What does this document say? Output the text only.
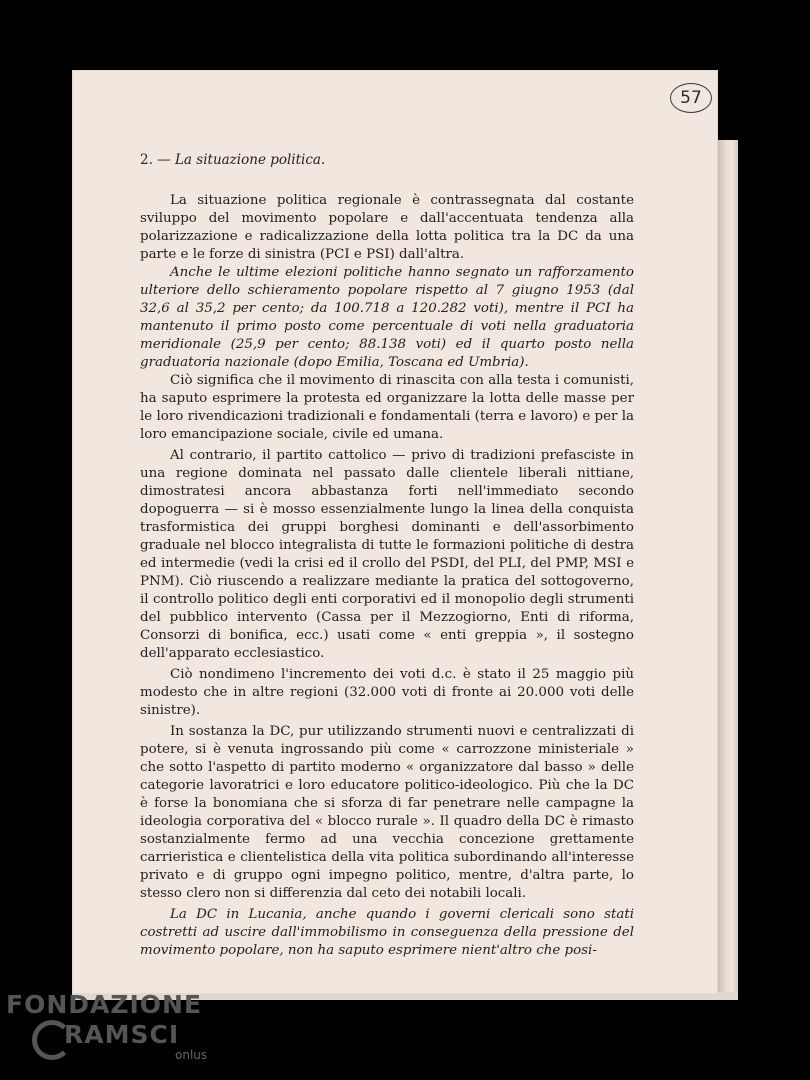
57
2. — La situazione politica.

La situazione politica regionale è contrassegnata dal costante sviluppo del movimento popolare e dall'accentuata tendenza alla polarizzazione e radicalizzazione della lotta politica tra la DC da una parte e le forze di sinistra (PCI e PSI) dall'altra.

Anche le ultime elezioni politiche hanno segnato un rafforzamento ulteriore dello schieramento popolare rispetto al 7 giugno 1953 (dal 32,6 al 35,2 per cento; da 100.718 a 120.282 voti), mentre il PCI ha mantenuto il primo posto come percentuale di voti nella graduatoria meridionale (25,9 per cento; 88.138 voti) ed il quarto posto nella graduatoria nazionale (dopo Emilia, Toscana ed Umbria).

Ciò significa che il movimento di rinascita con alla testa i comunisti, ha saputo esprimere la protesta ed organizzare la lotta delle masse per le loro rivendicazioni tradizionali e fondamentali (terra e lavoro) e per la loro emancipazione sociale, civile ed umana.

Al contrario, il partito cattolico — privo di tradizioni prefasciste in una regione dominata nel passato dalle clientele liberali nittiane, dimostratesi ancora abbastanza forti nell'immediato secondo dopoguerra — si è mosso essenzialmente lungo la linea della conquista trasformistica dei gruppi borghesi dominanti e dell'assorbimento graduale nel blocco integralista di tutte le formazioni politiche di destra ed intermedie (vedi la crisi ed il crollo del PSDI, del PLI, del PMP, MSI e PNM). Ciò riuscendo a realizzare mediante la pratica del sottogoverno, il controllo politico degli enti corporativi ed il monopolio degli strumenti del pubblico intervento (Cassa per il Mezzogiorno, Enti di riforma, Consorzi di bonifica, ecc.) usati come « enti greppia », il sostegno dell'apparato ecclesiastico.

Ciò nondimeno l'incremento dei voti d.c. è stato il 25 maggio più modesto che in altre regioni (32.000 voti di fronte ai 20.000 voti delle sinistre).

In sostanza la DC, pur utilizzando strumenti nuovi e centralizzati di potere, si è venuta ingrossando più come « carrozzone ministeriale » che sotto l'aspetto di partito moderno « organizzatore dal basso » delle categorie lavoratrici e loro educatore politico-ideologico. Più che la DC è forse la bonomiana che si sforza di far penetrare nelle campagne la ideologia corporativa del « blocco rurale ». Il quadro della DC è rimasto sostanzialmente fermo ad una vecchia concezione grettamente carrieristica e clientelistica della vita politica subordinando all'interesse privato e di gruppo ogni impegno politico, mentre, d'altra parte, lo stesso clero non si differenzia dal ceto dei notabili locali.

La DC in Lucania, anche quando i governi clericali sono stati costretti ad uscire dall'immobilismo in conseguenza della pressione del movimento popolare, non ha saputo esprimere nient'altro che posi-

FONDAZIONE
RAMSCI
onlus
